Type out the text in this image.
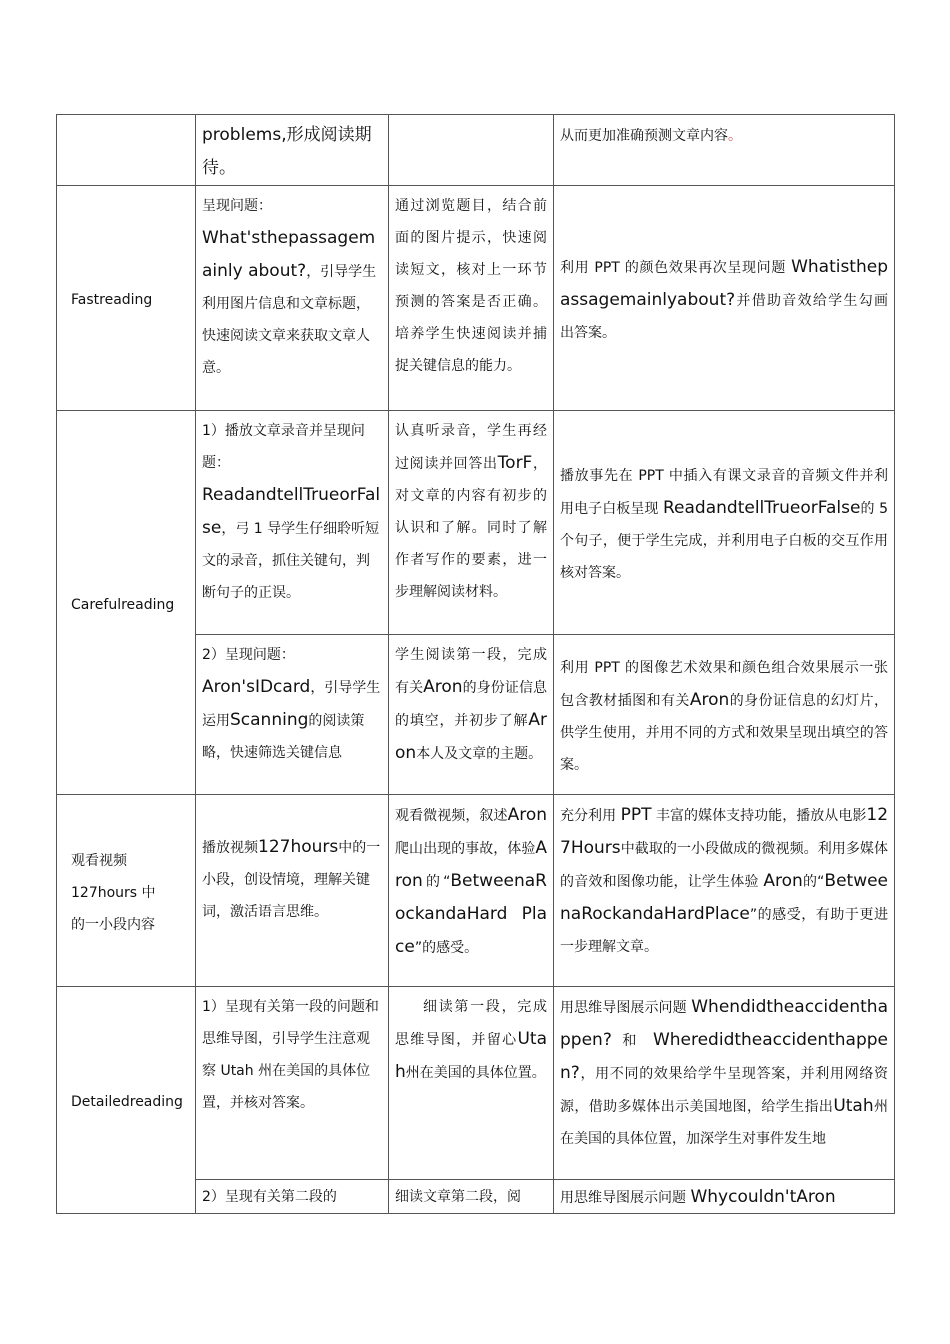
	problems,形成阅读期待。		从而更加准确预测文章内容。
Fastreading	呈现问题：
What'sthepassagemainly about?，引导学生利用图片信息和文章标题，快速阅读文章来获取文章人意。	通过浏览题目，结合前面的图片提示，快速阅读短文，核对上一环节预测的答案是否正确。培养学生快速阅读并捕捉关键信息的能力。	利用 PPT 的颜色效果再次呈现问题 Whatisthepassagemainlyabout?并借助音效给学生勾画出答案。
Carefulreading	1）播放文章录音并呈现问题：
ReadandtellTrueorFalse，弓 1 导学生仔细聆听短文的录音，抓住关键句，判断句子的正误。	认真听录音，学生再经过阅读并回答出TorF，对文章的内容有初步的认识和了解。同时了解作者写作的要素，进一步理解阅读材料。	播放事先在 PPT 中插入有课文录音的音频文件并利用电子白板呈现 ReadandtellTrueorFalse的 5 个句子，便于学生完成，并利用电子白板的交互作用核对答案。
	2）呈现问题：
Aron'sIDcard，引导学生运用Scanning的阅读策略，快速筛选关键信息	学生阅读第一段，完成有关Aron的身份证信息的填空，并初步了解Aron本人及文章的主题。	利用 PPT 的图像艺术效果和颜色组合效果展示一张包含教材插图和有关Aron的身份证信息的幻灯片，供学生使用，并用不同的方式和效果呈现出填空的答案。
观看视频
127hours 中
的一小段内容	播放视频127hours中的一小段，创设情境，理解关键词，激活语言思维。	观看微视频，叙述Aron爬山出现的事故，体验Aron的“BetweenaRockandaHard Place”的感受。	充分利用 PPT 丰富的媒体支持功能，播放从电影127Hours中截取的一小段做成的微视频。利用多媒体的音效和图像功能，让学生体验 Aron的“BetweenaRockandaHardPlace”的感受，有助于更进一步理解文章。
Detailedreading	1）呈现有关第一段的问题和思维导图，引导学生注意观察 Utah 州在美国的具体位置，并核对答案。	细读第一段，完成思维导图，并留心Utah州在美国的具体位置。	用思维导图展示问题 Whendidtheaccidenthappen? 和 Wheredidtheaccidenthappen?，用不同的效果给学牛呈现答案，并利用网络资源，借助多媒体出示美国地图，给学生指出Utah州在美国的具体位置，加深学生对事件发生地
	2）呈现有关第二段的	细读文章第二段，阅	用思维导图展示问题 Whycouldn'tAron
